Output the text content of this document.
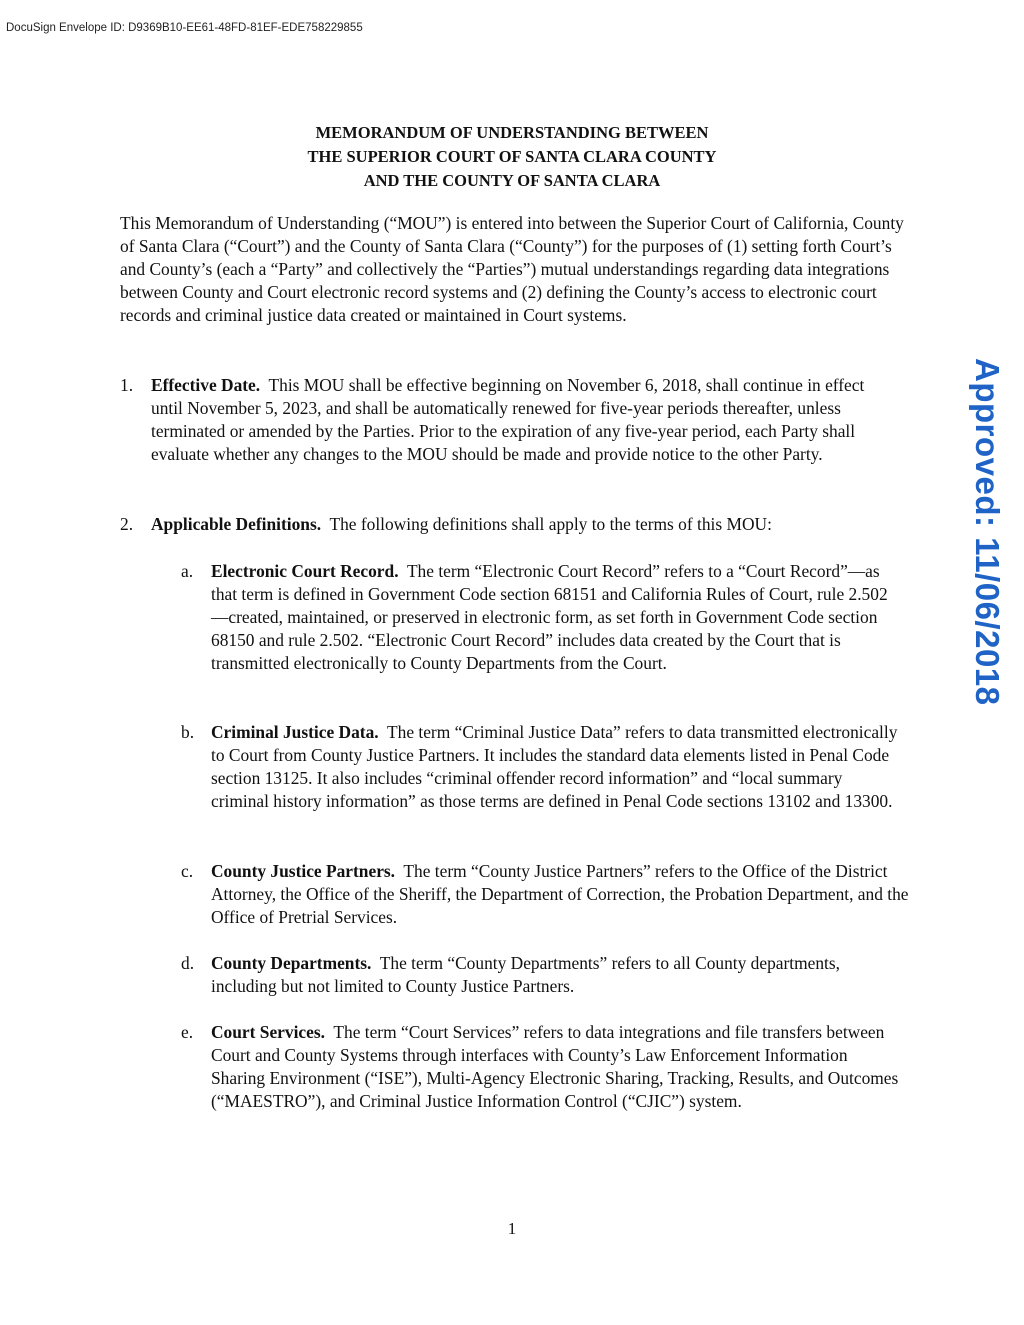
DocuSign Envelope ID: D9369B10-EE61-48FD-81EF-EDE758229855
MEMORANDUM OF UNDERSTANDING BETWEEN
THE SUPERIOR COURT OF SANTA CLARA COUNTY
AND THE COUNTY OF SANTA CLARA
This Memorandum of Understanding (“MOU”) is entered into between the Superior Court of California, County of Santa Clara (“Court”) and the County of Santa Clara (“County”) for the purposes of (1) setting forth Court’s and County’s (each a “Party” and collectively the “Parties”) mutual understandings regarding data integrations between County and Court electronic record systems and (2) defining the County’s access to electronic court records and criminal justice data created or maintained in Court systems.
1. Effective Date. This MOU shall be effective beginning on November 6, 2018, shall continue in effect until November 5, 2023, and shall be automatically renewed for five-year periods thereafter, unless terminated or amended by the Parties. Prior to the expiration of any five-year period, each Party shall evaluate whether any changes to the MOU should be made and provide notice to the other Party.
2. Applicable Definitions. The following definitions shall apply to the terms of this MOU:
a. Electronic Court Record. The term “Electronic Court Record” refers to a “Court Record”—as that term is defined in Government Code section 68151 and California Rules of Court, rule 2.502—created, maintained, or preserved in electronic form, as set forth in Government Code section 68150 and rule 2.502. “Electronic Court Record” includes data created by the Court that is transmitted electronically to County Departments from the Court.
b. Criminal Justice Data. The term “Criminal Justice Data” refers to data transmitted electronically to Court from County Justice Partners. It includes the standard data elements listed in Penal Code section 13125. It also includes “criminal offender record information” and “local summary criminal history information” as those terms are defined in Penal Code sections 13102 and 13300.
c. County Justice Partners. The term “County Justice Partners” refers to the Office of the District Attorney, the Office of the Sheriff, the Department of Correction, the Probation Department, and the Office of Pretrial Services.
d. County Departments. The term “County Departments” refers to all County departments, including but not limited to County Justice Partners.
e. Court Services. The term “Court Services” refers to data integrations and file transfers between Court and County Systems through interfaces with County’s Law Enforcement Information Sharing Environment (“ISE”), Multi-Agency Electronic Sharing, Tracking, Results, and Outcomes (“MAESTRO”), and Criminal Justice Information Control (“CJIC”) system.
1
Approved: 11/06/2018
